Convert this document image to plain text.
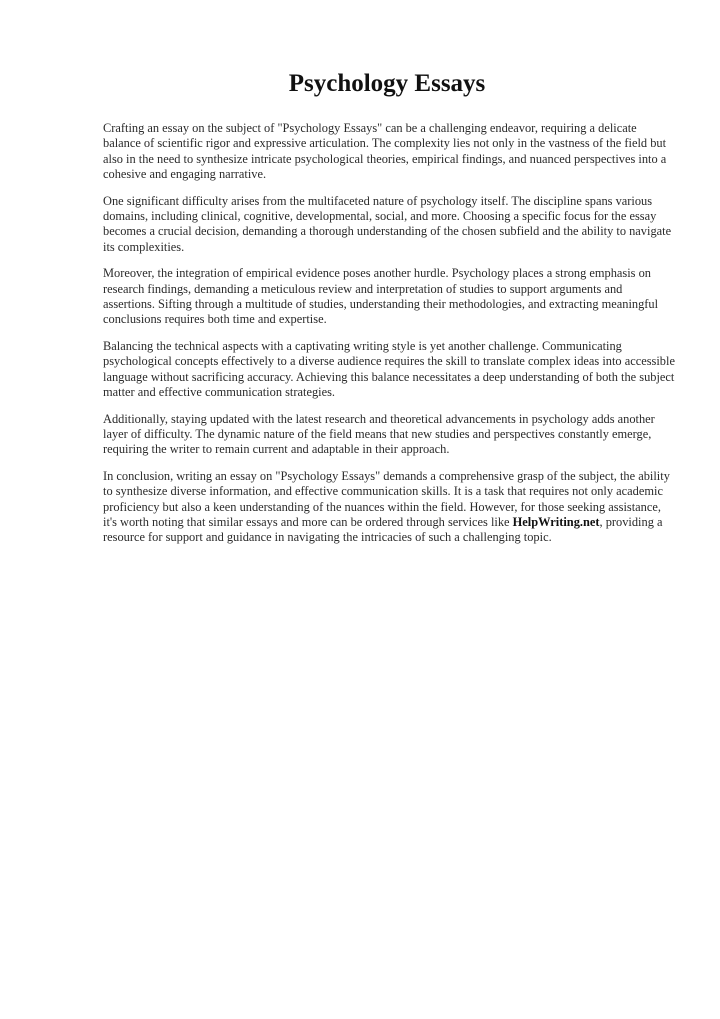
Psychology Essays

Crafting an essay on the subject of "Psychology Essays" can be a challenging endeavor, requiring a delicate balance of scientific rigor and expressive articulation. The complexity lies not only in the vastness of the field but also in the need to synthesize intricate psychological theories, empirical findings, and nuanced perspectives into a cohesive and engaging narrative.

One significant difficulty arises from the multifaceted nature of psychology itself. The discipline spans various domains, including clinical, cognitive, developmental, social, and more. Choosing a specific focus for the essay becomes a crucial decision, demanding a thorough understanding of the chosen subfield and the ability to navigate its complexities.

Moreover, the integration of empirical evidence poses another hurdle. Psychology places a strong emphasis on research findings, demanding a meticulous review and interpretation of studies to support arguments and assertions. Sifting through a multitude of studies, understanding their methodologies, and extracting meaningful conclusions requires both time and expertise.

Balancing the technical aspects with a captivating writing style is yet another challenge. Communicating psychological concepts effectively to a diverse audience requires the skill to translate complex ideas into accessible language without sacrificing accuracy. Achieving this balance necessitates a deep understanding of both the subject matter and effective communication strategies.

Additionally, staying updated with the latest research and theoretical advancements in psychology adds another layer of difficulty. The dynamic nature of the field means that new studies and perspectives constantly emerge, requiring the writer to remain current and adaptable in their approach.

In conclusion, writing an essay on "Psychology Essays" demands a comprehensive grasp of the subject, the ability to synthesize diverse information, and effective communication skills. It is a task that requires not only academic proficiency but also a keen understanding of the nuances within the field. However, for those seeking assistance, it's worth noting that similar essays and more can be ordered through services like HelpWriting.net, providing a resource for support and guidance in navigating the intricacies of such a challenging topic.
